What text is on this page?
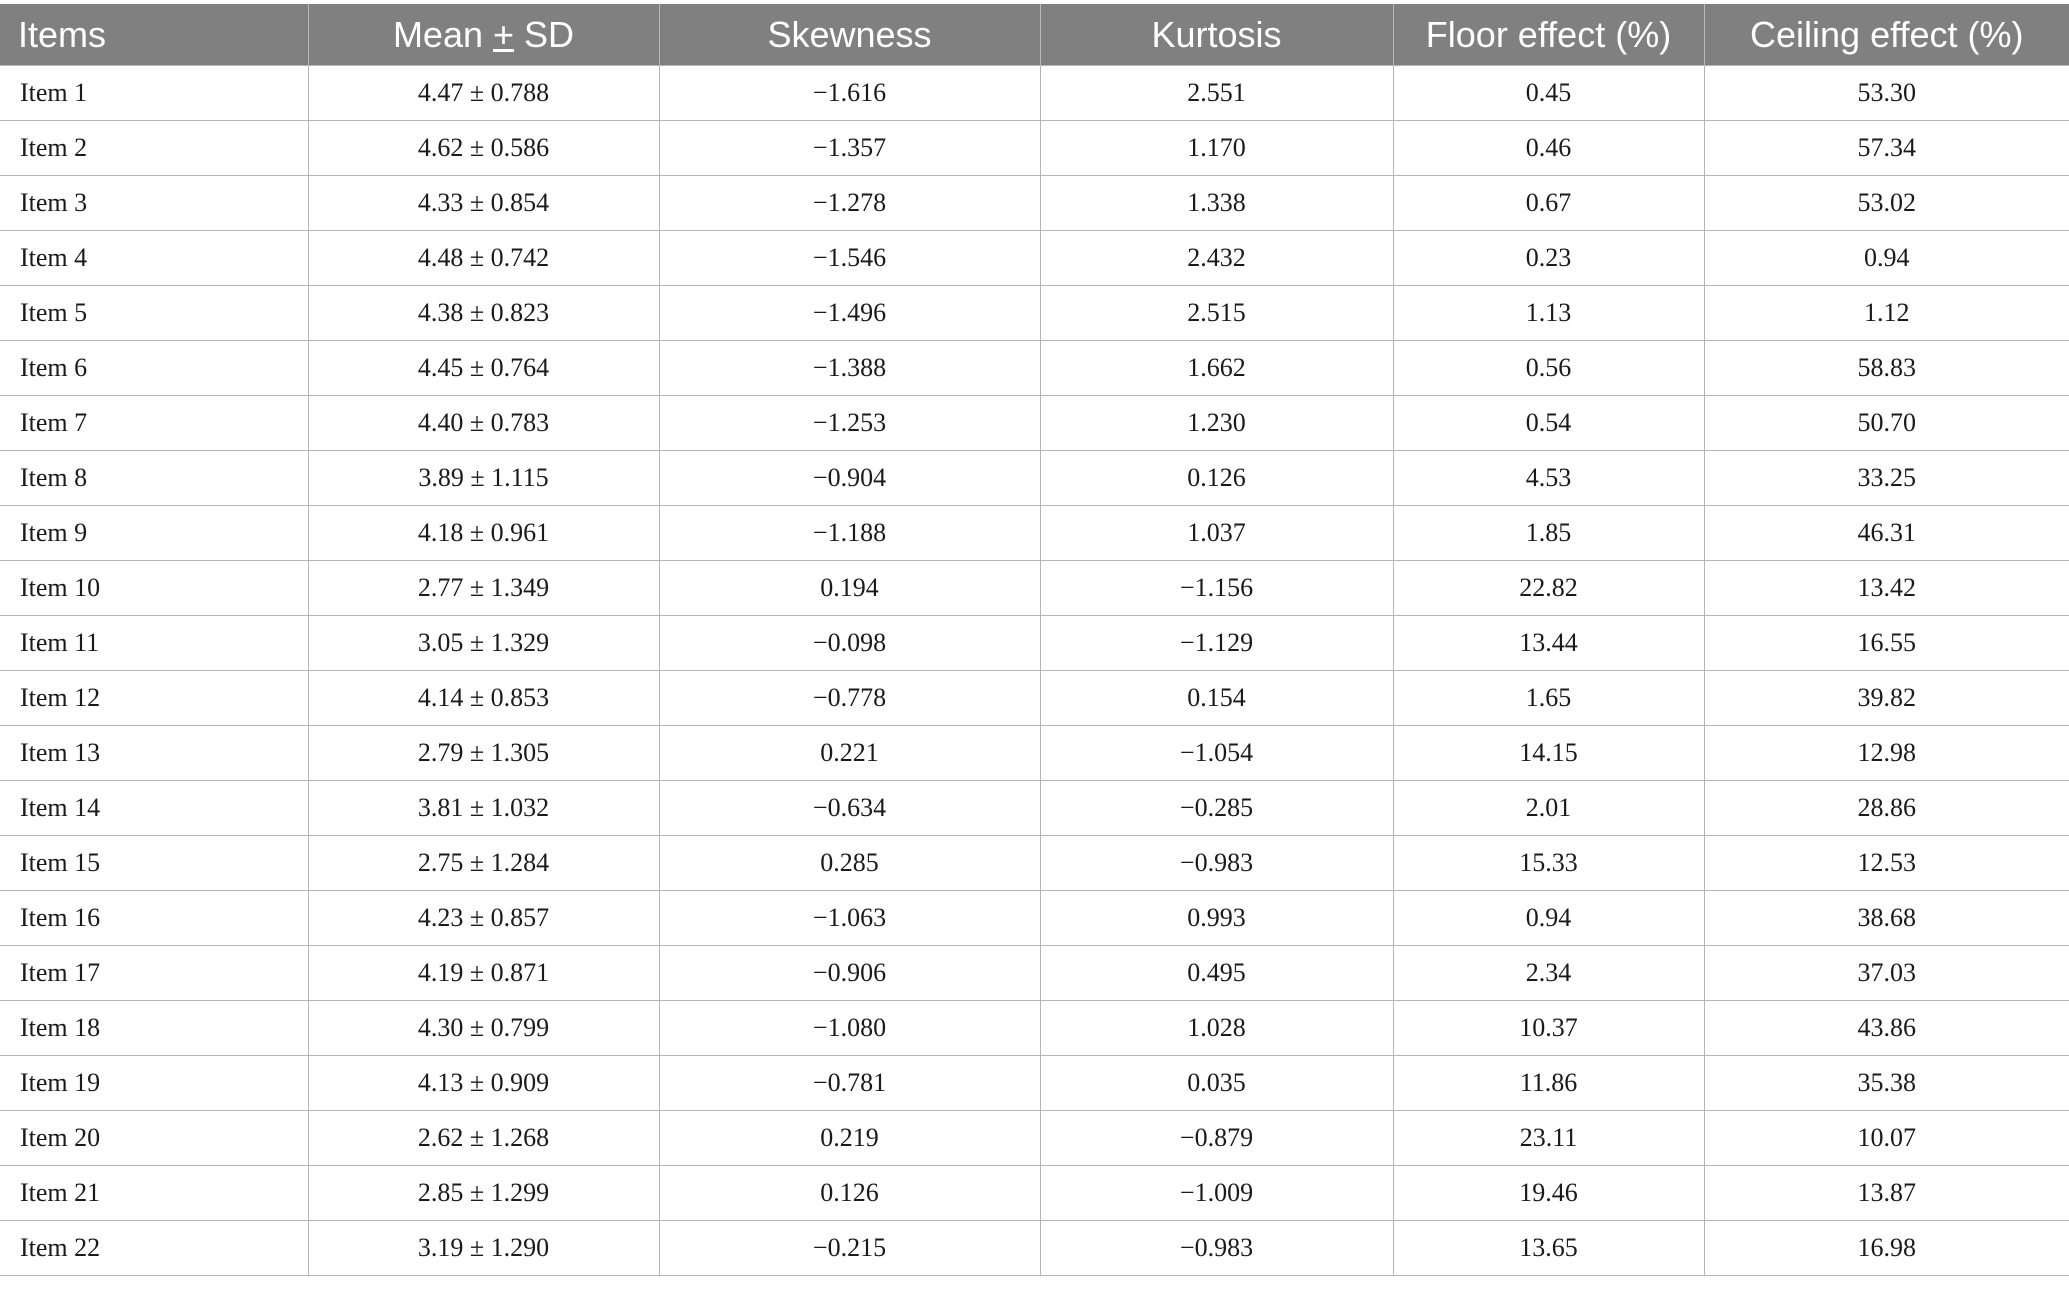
Items	Mean + SD	Skewness	Kurtosis	Floor effect (%)	Ceiling effect (%)
Item 1	4.47 ± 0.788	−1.616	2.551	0.45	53.30
Item 2	4.62 ± 0.586	−1.357	1.170	0.46	57.34
Item 3	4.33 ± 0.854	−1.278	1.338	0.67	53.02
Item 4	4.48 ± 0.742	−1.546	2.432	0.23	0.94
Item 5	4.38 ± 0.823	−1.496	2.515	1.13	1.12
Item 6	4.45 ± 0.764	−1.388	1.662	0.56	58.83
Item 7	4.40 ± 0.783	−1.253	1.230	0.54	50.70
Item 8	3.89 ± 1.115	−0.904	0.126	4.53	33.25
Item 9	4.18 ± 0.961	−1.188	1.037	1.85	46.31
Item 10	2.77 ± 1.349	0.194	−1.156	22.82	13.42
Item 11	3.05 ± 1.329	−0.098	−1.129	13.44	16.55
Item 12	4.14 ± 0.853	−0.778	0.154	1.65	39.82
Item 13	2.79 ± 1.305	0.221	−1.054	14.15	12.98
Item 14	3.81 ± 1.032	−0.634	−0.285	2.01	28.86
Item 15	2.75 ± 1.284	0.285	−0.983	15.33	12.53
Item 16	4.23 ± 0.857	−1.063	0.993	0.94	38.68
Item 17	4.19 ± 0.871	−0.906	0.495	2.34	37.03
Item 18	4.30 ± 0.799	−1.080	1.028	10.37	43.86
Item 19	4.13 ± 0.909	−0.781	0.035	11.86	35.38
Item 20	2.62 ± 1.268	0.219	−0.879	23.11	10.07
Item 21	2.85 ± 1.299	0.126	−1.009	19.46	13.87
Item 22	3.19 ± 1.290	−0.215	−0.983	13.65	16.98
